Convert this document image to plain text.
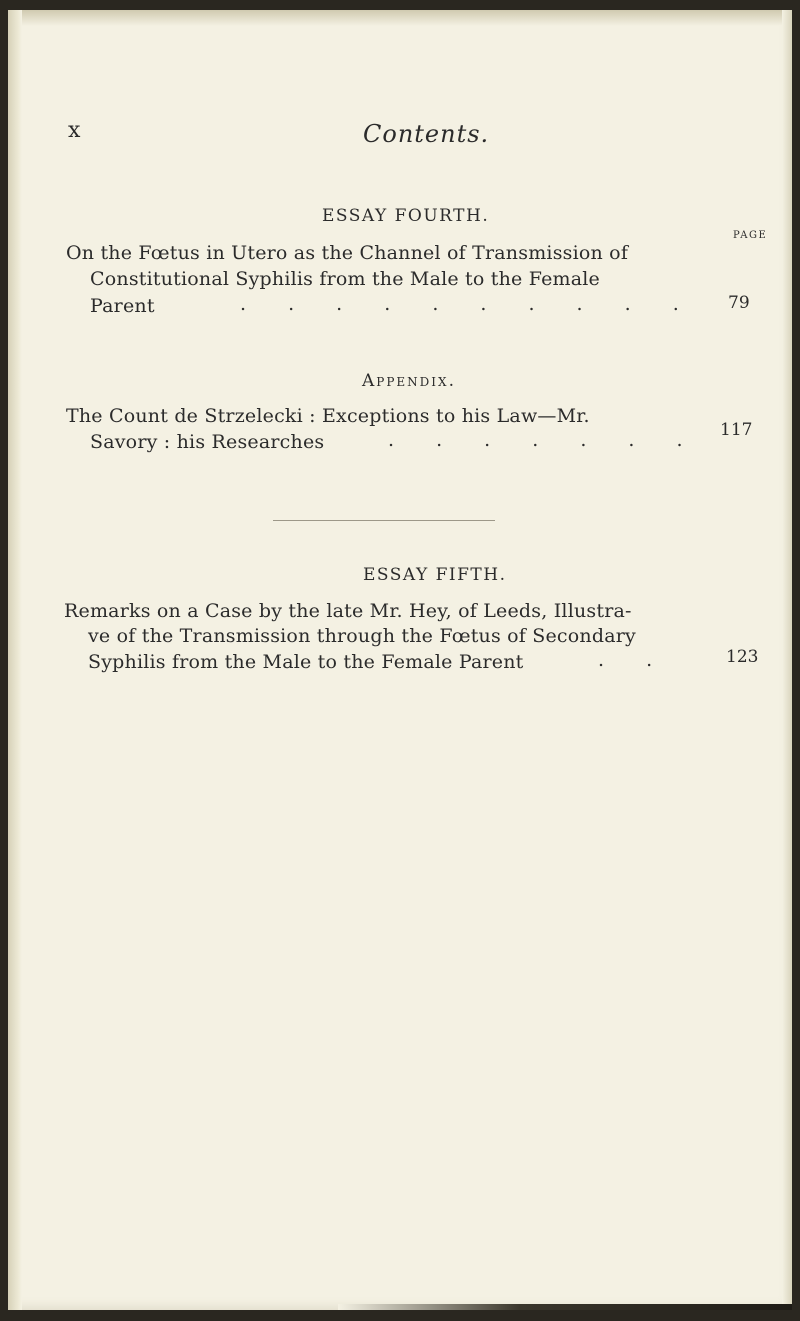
x	Contents.
ESSAY FOURTH.
PAGE
On the Fœtus in Utero as the Channel of Transmission of
Constitutional Syphilis from the Male to the Female
Parent	. . . . . . . . . . 79
Appendix.
The Count de Strzelecki : Exceptions to his Law—Mr.
Savory : his Researches	. . . . . . . 117
ESSAY FIFTH.
Remarks on a Case by the late Mr. Hey, of Leeds, Illustra-
ve of the Transmission through the Fœtus of Secondary
Syphilis from the Male to the Female Parent	. .	123
